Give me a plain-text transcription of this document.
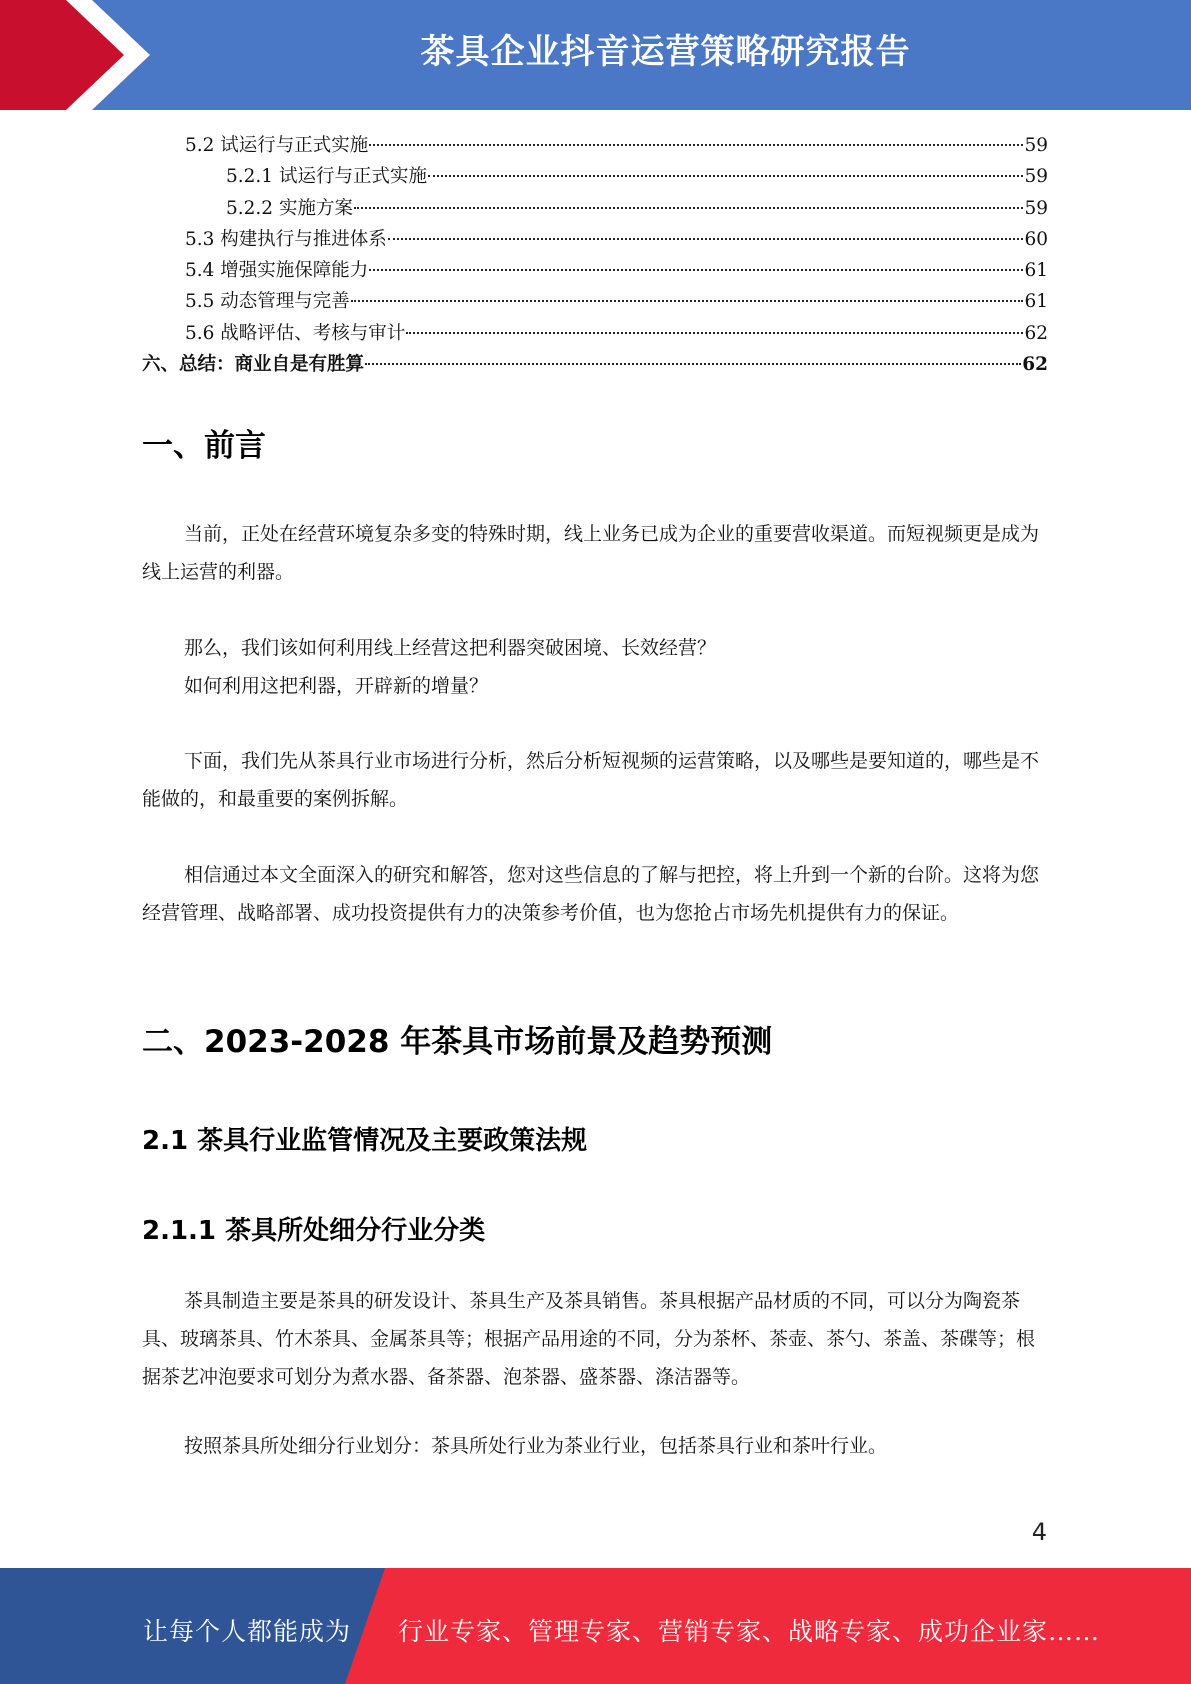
茶具企业抖音运营策略研究报告
5.2 试运行与正式实施	59
5.2.1 试运行与正式实施	59
5.2.2 实施方案	59
5.3 构建执行与推进体系	60
5.4 增强实施保障能力	61
5.5 动态管理与完善	61
5.6 战略评估、考核与审计	62
六、总结：商业自是有胜算	62
一、前言

当前，正处在经营环境复杂多变的特殊时期，线上业务已成为企业的重要营收渠道。而短视频更是成为线上运营的利器。

那么，我们该如何利用线上经营这把利器突破困境、长效经营？
如何利用这把利器，开辟新的增量？

下面，我们先从茶具行业市场进行分析，然后分析短视频的运营策略，以及哪些是要知道的，哪些是不能做的，和最重要的案例拆解。

相信通过本文全面深入的研究和解答，您对这些信息的了解与把控，将上升到一个新的台阶。这将为您经营管理、战略部署、成功投资提供有力的决策参考价值，也为您抢占市场先机提供有力的保证。

二、2023-2028 年茶具市场前景及趋势预测
2.1 茶具行业监管情况及主要政策法规
2.1.1 茶具所处细分行业分类

茶具制造主要是茶具的研发设计、茶具生产及茶具销售。茶具根据产品材质的不同，可以分为陶瓷茶具、玻璃茶具、竹木茶具、金属茶具等；根据产品用途的不同，分为茶杯、茶壶、茶勺、茶盖、茶碟等；根据茶艺冲泡要求可划分为煮水器、备茶器、泡茶器、盛茶器、涤洁器等。

按照茶具所处细分行业划分：茶具所处行业为茶业行业，包括茶具行业和茶叶行业。

4
让每个人都能成为 行业专家、管理专家、营销专家、战略专家、成功企业家……
